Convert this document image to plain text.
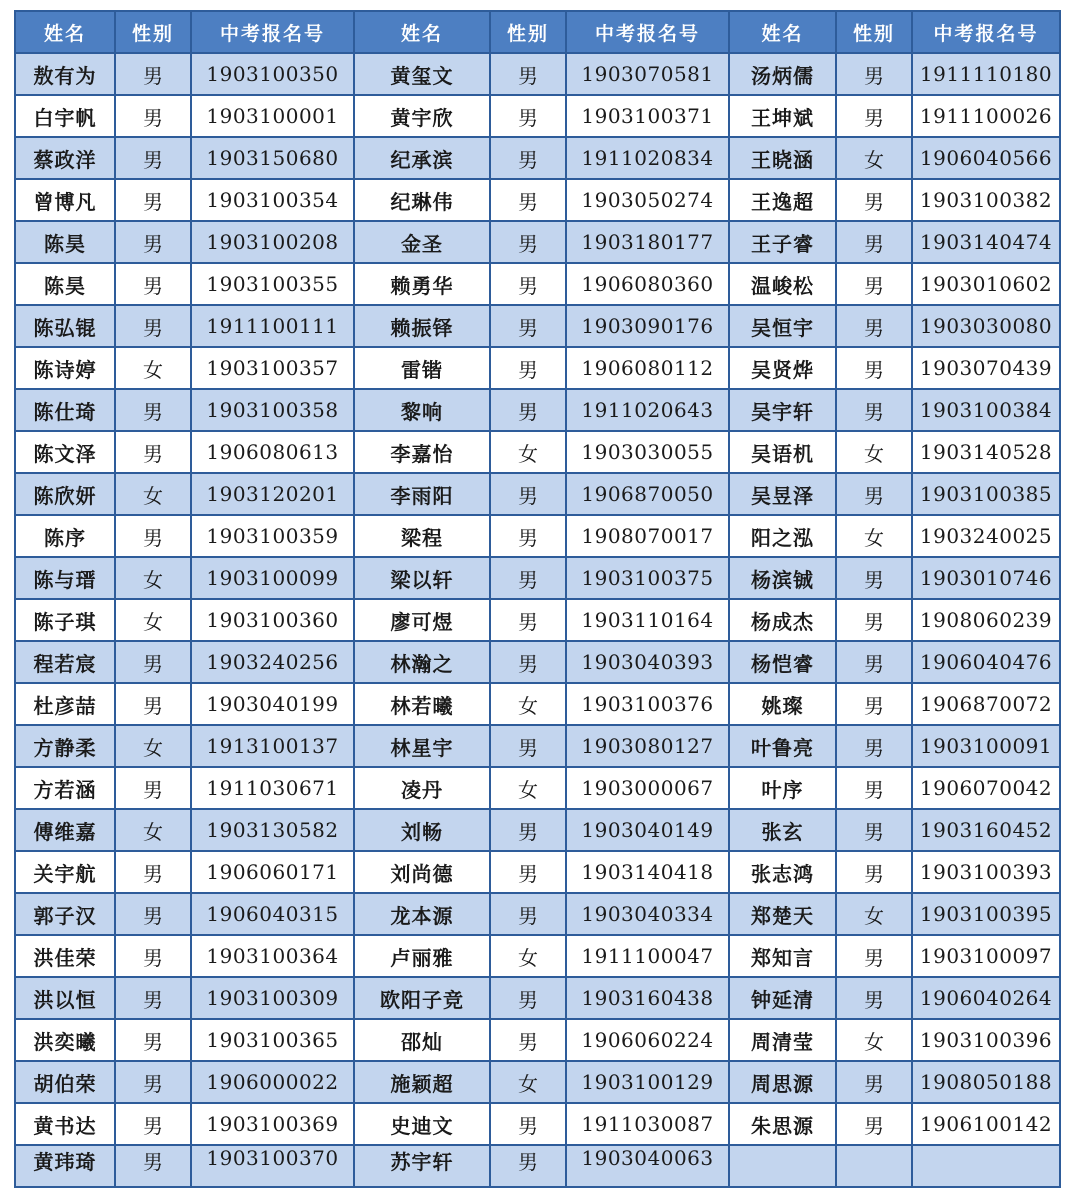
姓名	性别	中考报名号	姓名	性别	中考报名号	姓名	性别	中考报名号
敖有为	男	1903100350	黄玺文	男	1903070581	汤炳儒	男	1911110180
白宇帆	男	1903100001	黄宇欣	男	1903100371	王坤斌	男	1911100026
蔡政洋	男	1903150680	纪承滨	男	1911020834	王晓涵	女	1906040566
曾博凡	男	1903100354	纪琳伟	男	1903050274	王逸超	男	1903100382
陈昊	男	1903100208	金圣	男	1903180177	王子睿	男	1903140474
陈昊	男	1903100355	赖勇华	男	1906080360	温峻松	男	1903010602
陈弘锟	男	1911100111	赖振铎	男	1903090176	吴恒宇	男	1903030080
陈诗婷	女	1903100357	雷锴	男	1906080112	吴贤烨	男	1903070439
陈仕琦	男	1903100358	黎响	男	1911020643	吴宇轩	男	1903100384
陈文泽	男	1906080613	李嘉怡	女	1903030055	吴语机	女	1903140528
陈欣妍	女	1903120201	李雨阳	男	1906870050	吴昱泽	男	1903100385
陈序	男	1903100359	梁程	男	1908070017	阳之泓	女	1903240025
陈与瑨	女	1903100099	梁以轩	男	1903100375	杨滨铖	男	1903010746
陈子琪	女	1903100360	廖可煜	男	1903110164	杨成杰	男	1908060239
程若宸	男	1903240256	林瀚之	男	1903040393	杨恺睿	男	1906040476
杜彦喆	男	1903040199	林若曦	女	1903100376	姚璨	男	1906870072
方静柔	女	1913100137	林星宇	男	1903080127	叶鲁亮	男	1903100091
方若涵	男	1911030671	凌丹	女	1903000067	叶序	男	1906070042
傅维嘉	女	1903130582	刘畅	男	1903040149	张玄	男	1903160452
关宇航	男	1906060171	刘尚德	男	1903140418	张志鸿	男	1903100393
郭子汉	男	1906040315	龙本源	男	1903040334	郑楚天	女	1903100395
洪佳荣	男	1903100364	卢丽雅	女	1911100047	郑知言	男	1903100097
洪以恒	男	1903100309	欧阳子竞	男	1903160438	钟延清	男	1906040264
洪奕曦	男	1903100365	邵灿	男	1906060224	周清莹	女	1903100396
胡伯荣	男	1906000022	施颖超	女	1903100129	周思源	男	1908050188
黄书达	男	1903100369	史迪文	男	1911030087	朱思源	男	1906100142
黄玮琦	男	1903100370	苏宇轩	男	1903040063			
